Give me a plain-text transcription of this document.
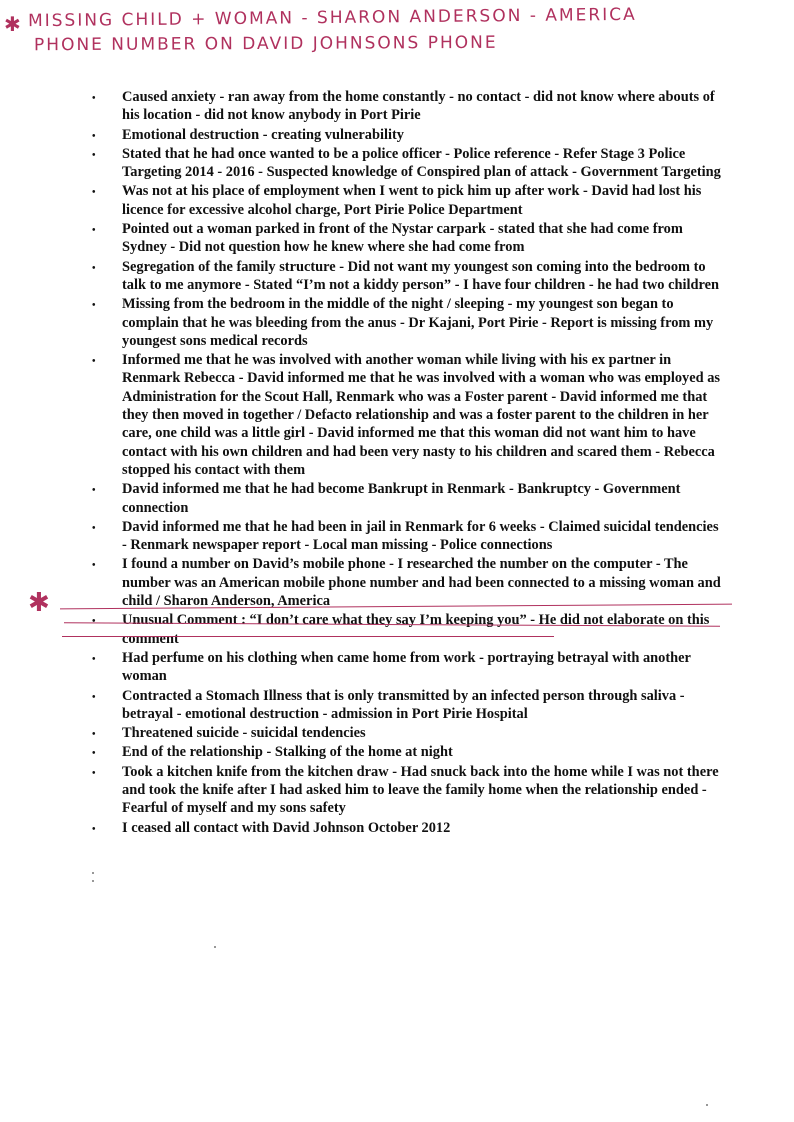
✱ MISSING CHILD + WOMAN - SHARON ANDERSON - AMERICA
PHONE NUMBER ON DAVID JOHNSONS PHONE
• Caused anxiety - ran away from the home constantly - no contact - did not know where abouts of his location - did not know anybody in Port Pirie
• Emotional destruction - creating vulnerability
• Stated that he had once wanted to be a police officer - Police reference - Refer Stage 3 Police Targeting 2014 - 2016 - Suspected knowledge of Conspired plan of attack - Government Targeting
• Was not at his place of employment when I went to pick him up after work - David had lost his licence for excessive alcohol charge, Port Pirie Police Department
• Pointed out a woman parked in front of the Nystar carpark - stated that she had come from Sydney - Did not question how he knew where she had come from
• Segregation of the family structure - Did not want my youngest son coming into the bedroom to talk to me anymore - Stated “I’m not a kiddy person” - I have four children - he had two children
• Missing from the bedroom in the middle of the night / sleeping - my youngest son began to complain that he was bleeding from the anus - Dr Kajani, Port Pirie - Report is missing from my youngest sons medical records
• Informed me that he was involved with another woman while living with his ex partner in Renmark Rebecca - David informed me that he was involved with a woman who was employed as Administration for the Scout Hall, Renmark who was a Foster parent - David informed me that they then moved in together / Defacto relationship and was a foster parent to the children in her care, one child was a little girl - David informed me that this woman did not want him to have contact with his own children and had been very nasty to his children and scared them - Rebecca stopped his contact with them
• David informed me that he had become Bankrupt in Renmark - Bankruptcy - Government connection
• David informed me that he had been in jail in Renmark for 6 weeks - Claimed suicidal tendencies - Renmark newspaper report - Local man missing - Police connections
• I found a number on David’s mobile phone - I researched the number on the computer - The number was an American mobile phone number and had been connected to a missing woman and child / Sharon Anderson, America
• Unusual Comment : “I don’t care what they say I’m keeping you” - He did not elaborate on this comment
• Had perfume on his clothing when came home from work - portraying betrayal with another woman
• Contracted a Stomach Illness that is only transmitted by an infected person through saliva - betrayal - emotional destruction - admission in Port Pirie Hospital
• Threatened suicide - suicidal tendencies
• End of the relationship - Stalking of the home at night
• Took a kitchen knife from the kitchen draw - Had snuck back into the home while I was not there and took the knife after I had asked him to leave the family home when the relationship ended - Fearful of myself and my sons safety
• I ceased all contact with David Johnson October 2012
✱
